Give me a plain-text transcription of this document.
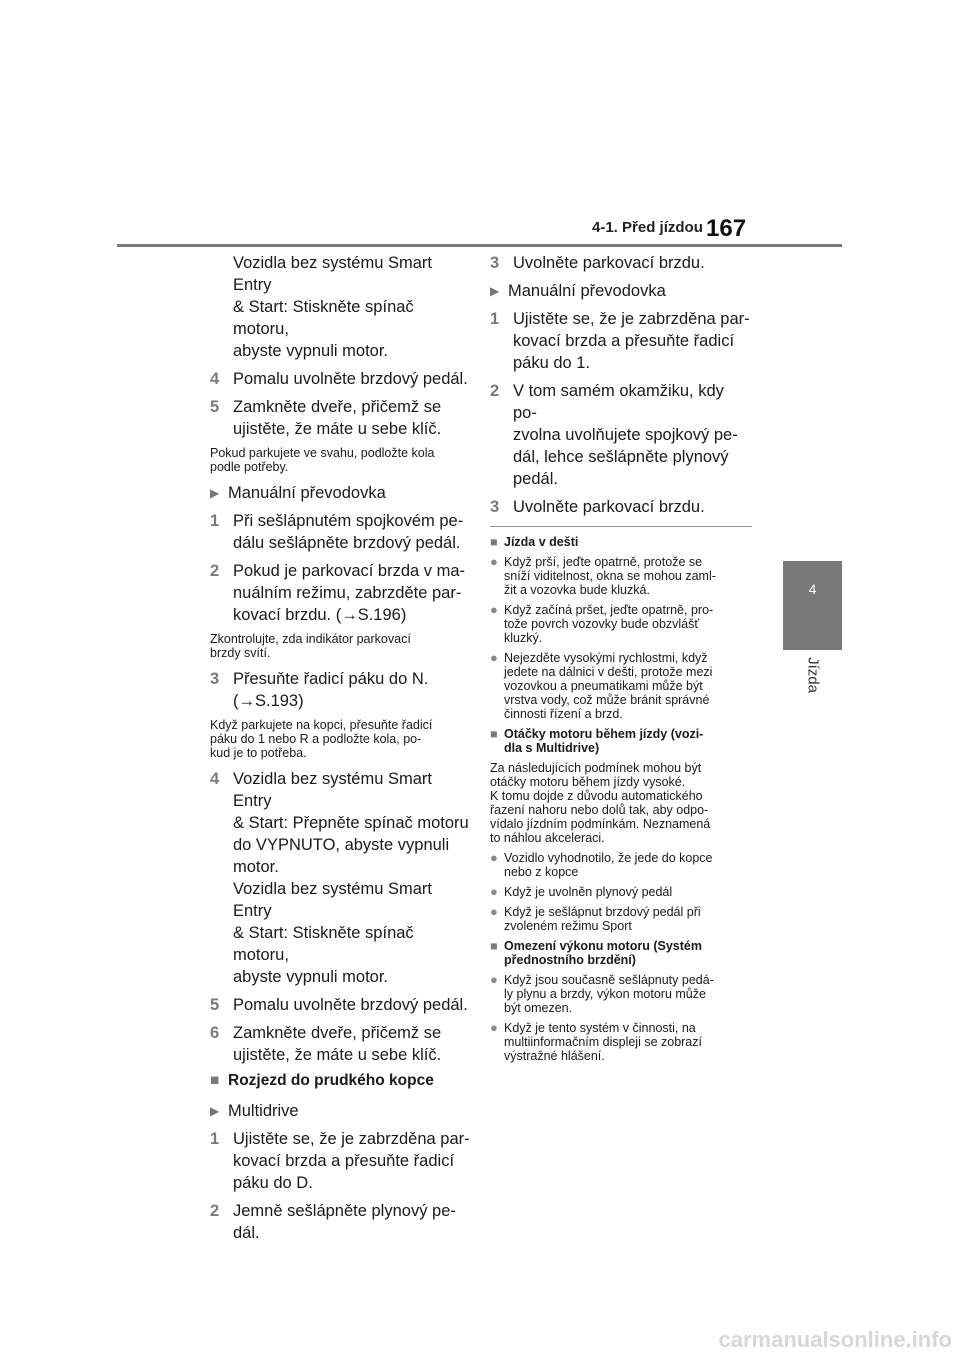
4-1. Před jízdou 167
4
Jízda
Vozidla bez systému Smart Entry
& Start: Stiskněte spínač motoru,
abyste vypnuli motor.
4 Pomalu uvolněte brzdový pedál.
5 Zamkněte dveře, přičemž se
ujistěte, že máte u sebe klíč.
Pokud parkujete ve svahu, podložte kola
podle potřeby.
▶ Manuální převodovka
1 Při sešlápnutém spojkovém pe-
dálu sešlápněte brzdový pedál.
2 Pokud je parkovací brzda v ma-
nuálním režimu, zabrzděte par-
kovací brzdu. (→S.196)
Zkontrolujte, zda indikátor parkovací
brzdy svítí.
3 Přesuňte řadicí páku do N.
(→S.193)
Když parkujete na kopci, přesuňte řadicí
páku do 1 nebo R a podložte kola, po-
kud je to potřeba.
4 Vozidla bez systému Smart Entry
& Start: Přepněte spínač motoru
do VYPNUTO, abyste vypnuli
motor.
Vozidla bez systému Smart Entry
& Start: Stiskněte spínač motoru,
abyste vypnuli motor.
5 Pomalu uvolněte brzdový pedál.
6 Zamkněte dveře, přičemž se
ujistěte, že máte u sebe klíč.
■ Rozjezd do prudkého kopce
▶ Multidrive
1 Ujistěte se, že je zabrzděna par-
kovací brzda a přesuňte řadicí
páku do D.
2 Jemně sešlápněte plynový pe-
dál.
3 Uvolněte parkovací brzdu.
▶ Manuální převodovka
1 Ujistěte se, že je zabrzděna par-
kovací brzda a přesuňte řadicí
páku do 1.
2 V tom samém okamžiku, kdy po-
zvolna uvolňujete spojkový pe-
dál, lehce sešlápněte plynový
pedál.
3 Uvolněte parkovací brzdu.
■ Jízda v dešti
● Když prší, jeďte opatrně, protože se
sníží viditelnost, okna se mohou zaml-
žit a vozovka bude kluzká.
● Když začíná pršet, jeďte opatrně, pro-
tože povrch vozovky bude obzvlášť
kluzký.
● Nejezděte vysokými rychlostmi, když
jedete na dálnici v dešti, protože mezi
vozovkou a pneumatikami může být
vrstva vody, což může bránit správné
činnosti řízení a brzd.
■ Otáčky motoru během jízdy (vozi-
dla s Multidrive)
Za následujících podmínek mohou být
otáčky motoru během jízdy vysoké.
K tomu dojde z důvodu automatického
řazení nahoru nebo dolů tak, aby odpo-
vídalo jízdním podmínkám. Neznamená
to náhlou akceleraci.
● Vozidlo vyhodnotilo, že jede do kopce
nebo z kopce
● Když je uvolněn plynový pedál
● Když je sešlápnut brzdový pedál při
zvoleném režimu Sport
■ Omezení výkonu motoru (Systém
přednostního brzdění)
● Když jsou současně sešlápnuty pedá-
ly plynu a brzdy, výkon motoru může
být omezen.
● Když je tento systém v činnosti, na
multiinformačním displeji se zobrazí
výstražné hlášení.
carmanualsonline.info
